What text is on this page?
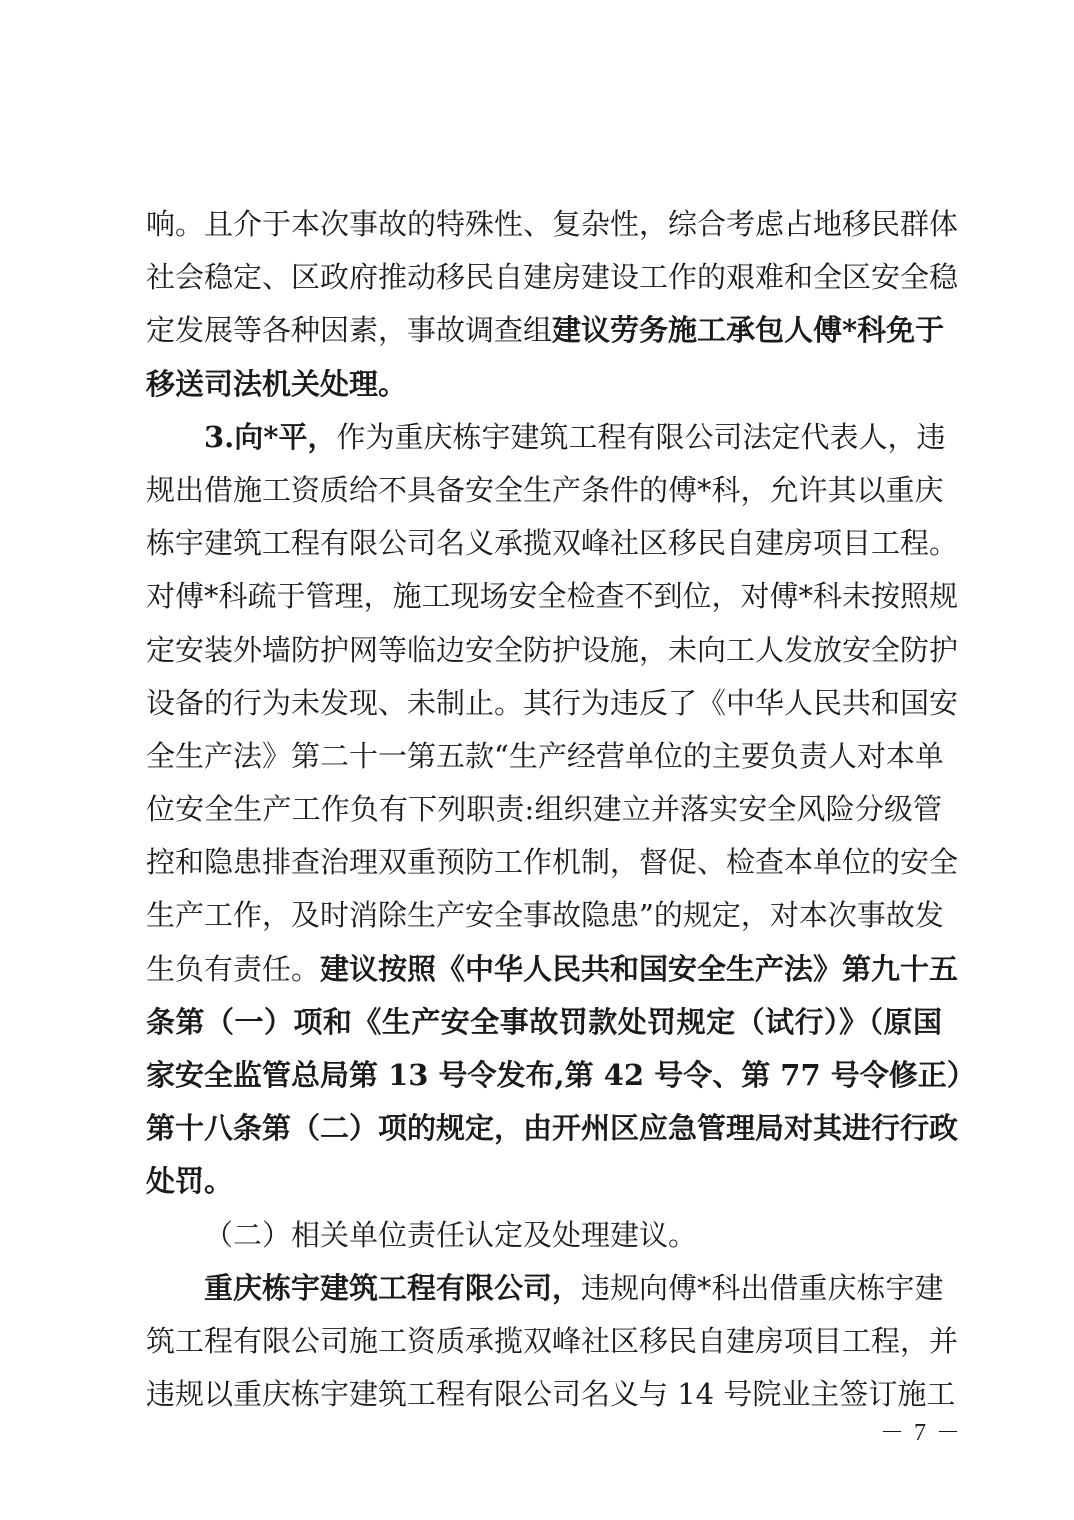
响。且介于本次事故的特殊性、复杂性，综合考虑占地移民群体
社会稳定、区政府推动移民自建房建设工作的艰难和全区安全稳
定发展等各种因素，事故调查组建议劳务施工承包人傅*科免于
移送司法机关处理。
3.向*平，作为重庆栋宇建筑工程有限公司法定代表人，违
规出借施工资质给不具备安全生产条件的傅*科，允许其以重庆
栋宇建筑工程有限公司名义承揽双峰社区移民自建房项目工程。
对傅*科疏于管理，施工现场安全检查不到位，对傅*科未按照规
定安装外墙防护网等临边安全防护设施，未向工人发放安全防护
设备的行为未发现、未制止。其行为违反了《中华人民共和国安
全生产法》第二十一第五款“生产经营单位的主要负责人对本单
位安全生产工作负有下列职责:组织建立并落实安全风险分级管
控和隐患排查治理双重预防工作机制，督促、检查本单位的安全
生产工作，及时消除生产安全事故隐患”的规定，对本次事故发
生负有责任。建议按照《中华人民共和国安全生产法》第九十五
条第（一）项和《生产安全事故罚款处罚规定（试行）》（原国
家安全监管总局第 13 号令发布,第 42 号令、第 77 号令修正）
第十八条第（二）项的规定，由开州区应急管理局对其进行行政
处罚。
（二）相关单位责任认定及处理建议。
重庆栋宇建筑工程有限公司，违规向傅*科出借重庆栋宇建
筑工程有限公司施工资质承揽双峰社区移民自建房项目工程，并
违规以重庆栋宇建筑工程有限公司名义与 14 号院业主签订施工
－ 7 －
